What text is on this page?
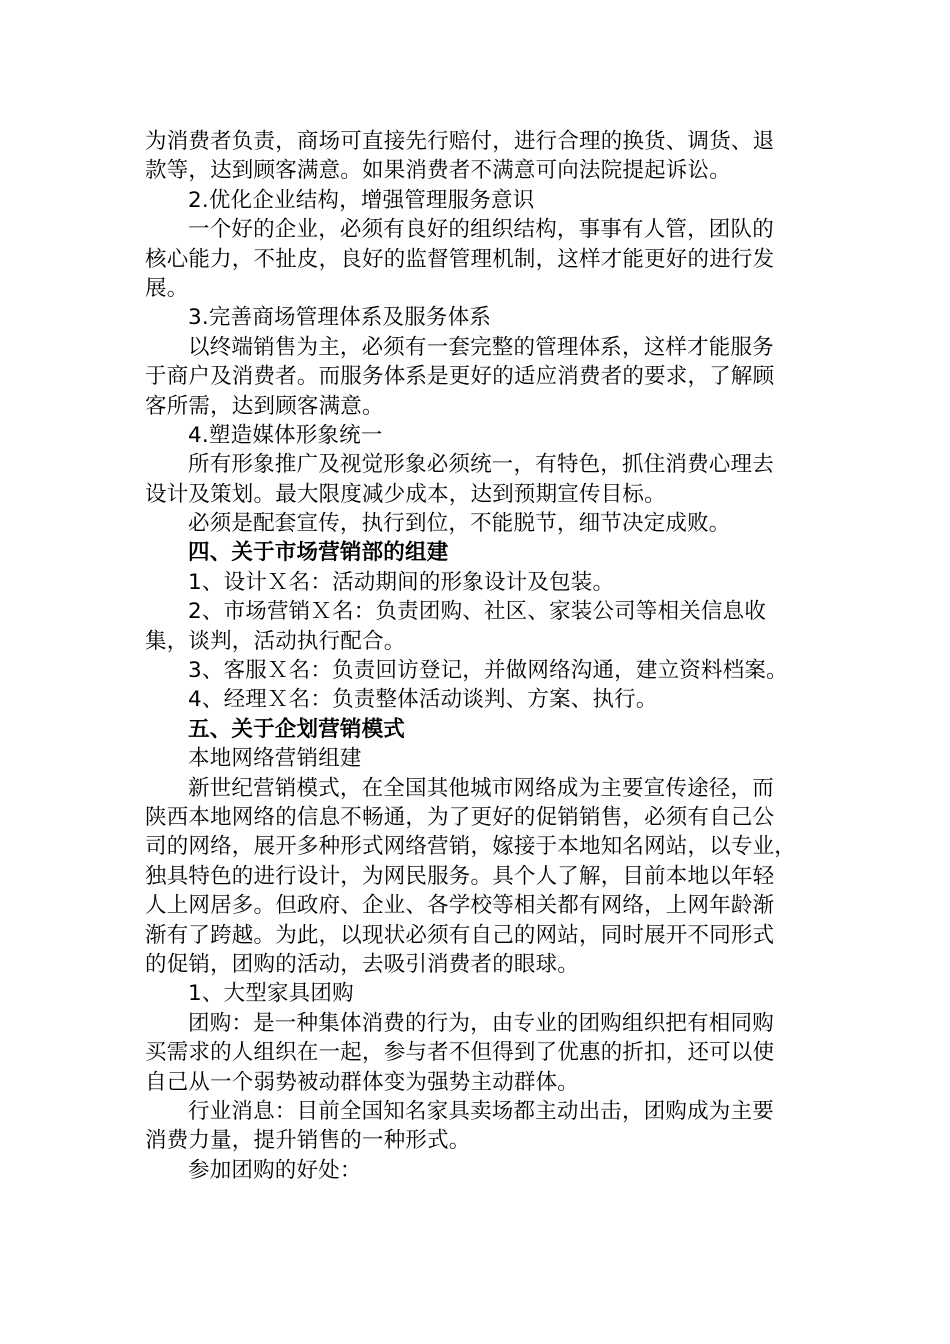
为消费者负责，商场可直接先行赔付，进行合理的换货、调货、退
款等，达到顾客满意。如果消费者不满意可向法院提起诉讼。
2.优化企业结构，增强管理服务意识
一个好的企业，必须有良好的组织结构，事事有人管，团队的
核心能力，不扯皮，良好的监督管理机制，这样才能更好的进行发
展。
3.完善商场管理体系及服务体系
以终端销售为主，必须有一套完整的管理体系，这样才能服务
于商户及消费者。而服务体系是更好的适应消费者的要求，了解顾
客所需，达到顾客满意。
4.塑造媒体形象统一
所有形象推广及视觉形象必须统一，有特色，抓住消费心理去
设计及策划。最大限度减少成本，达到预期宣传目标。
必须是配套宣传，执行到位，不能脱节，细节决定成败。
四、关于市场营销部的组建
1、设计Ｘ名：活动期间的形象设计及包装。
2、市场营销Ｘ名：负责团购、社区、家装公司等相关信息收
集，谈判，活动执行配合。
3、客服Ｘ名：负责回访登记，并做网络沟通，建立资料档案。
4、经理Ｘ名：负责整体活动谈判、方案、执行。
五、关于企划营销模式
本地网络营销组建
新世纪营销模式，在全国其他城市网络成为主要宣传途径，而
陕西本地网络的信息不畅通，为了更好的促销销售，必须有自己公
司的网络，展开多种形式网络营销，嫁接于本地知名网站，以专业，
独具特色的进行设计，为网民服务。具个人了解，目前本地以年轻
人上网居多。但政府、企业、各学校等相关都有网络，上网年龄渐
渐有了跨越。为此，以现状必须有自己的网站，同时展开不同形式
的促销，团购的活动，去吸引消费者的眼球。
1、大型家具团购
团购：是一种集体消费的行为，由专业的团购组织把有相同购
买需求的人组织在一起，参与者不但得到了优惠的折扣，还可以使
自己从一个弱势被动群体变为强势主动群体。
行业消息：目前全国知名家具卖场都主动出击，团购成为主要
消费力量，提升销售的一种形式。
参加团购的好处：
